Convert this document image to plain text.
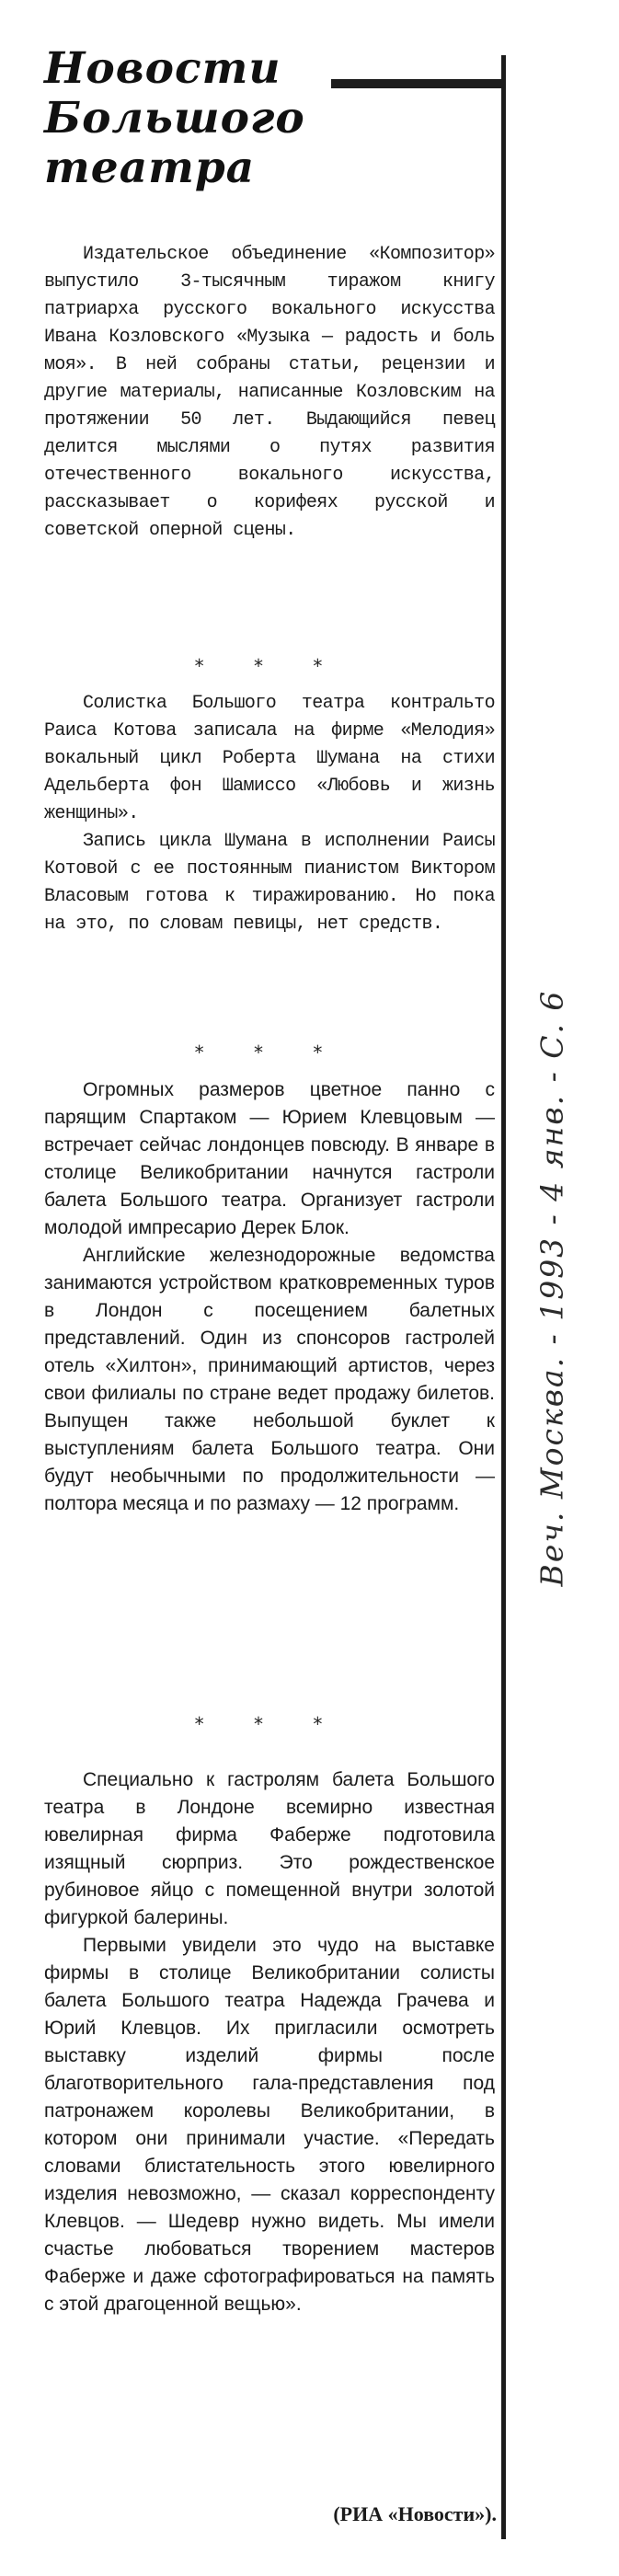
Новости
Большого
театра

Издательское объединение «Композитор» выпустило 3-тысячным тиражом книгу патриарха русского вокального искусства Ивана Козловского «Музыка — радость и боль моя». В ней собраны статьи, рецензии и другие материалы, написанные Козловским на протяжении 50 лет. Выдающийся певец делится мыслями о путях развития отечественного вокального искусства, рассказывает о корифеях русской и советской оперной сцены.

* * *

Солистка Большого театра контральто Раиса Котова записала на фирме «Мелодия» вокальный цикл Роберта Шумана на стихи Адельберта фон Шамиссо «Любовь и жизнь женщины».

Запись цикла Шумана в исполнении Раисы Котовой с ее постоянным пианистом Виктором Власовым готова к тиражированию. Но пока на это, по словам певицы, нет средств.

* * *

Огромных размеров цветное панно с парящим Спартаком — Юрием Клевцовым — встречает сейчас лондонцев повсюду. В январе в столице Великобритании начнутся гастроли балета Большого театра. Организует гастроли молодой импресарио Дерек Блок.

Английские железнодорожные ведомства занимаются устройством кратковременных туров в Лондон с посещением балетных представлений. Один из спонсоров гастролей отель «Хилтон», принимающий артистов, через свои филиалы по стране ведет продажу билетов. Выпущен также небольшой буклет к выступлениям балета Большого театра. Они будут необычными по продолжительности — полтора месяца и по размаху — 12 программ.

* * *

Специально к гастролям балета Большого театра в Лондоне всемирно известная ювелирная фирма Фаберже подготовила изящный сюрприз. Это рождественское рубиновое яйцо с помещенной внутри золотой фигуркой балерины.

Первыми увидели это чудо на выставке фирмы в столице Великобритании солисты балета Большого театра Надежда Грачева и Юрий Клевцов. Их пригласили осмотреть выставку изделий фирмы после благотворительного гала-представления под патронажем королевы Великобритании, в котором они принимали участие. «Передать словами блистательность этого ювелирного изделия невозможно, — сказал корреспонденту Клевцов. — Шедевр нужно видеть. Мы имели счастье любоваться творением мастеров Фаберже и даже сфотографироваться на память с этой драгоценной вещью».

(РИА «Новости»).
Веч. Москва. - 1993 - 4 янв. - С. 6
